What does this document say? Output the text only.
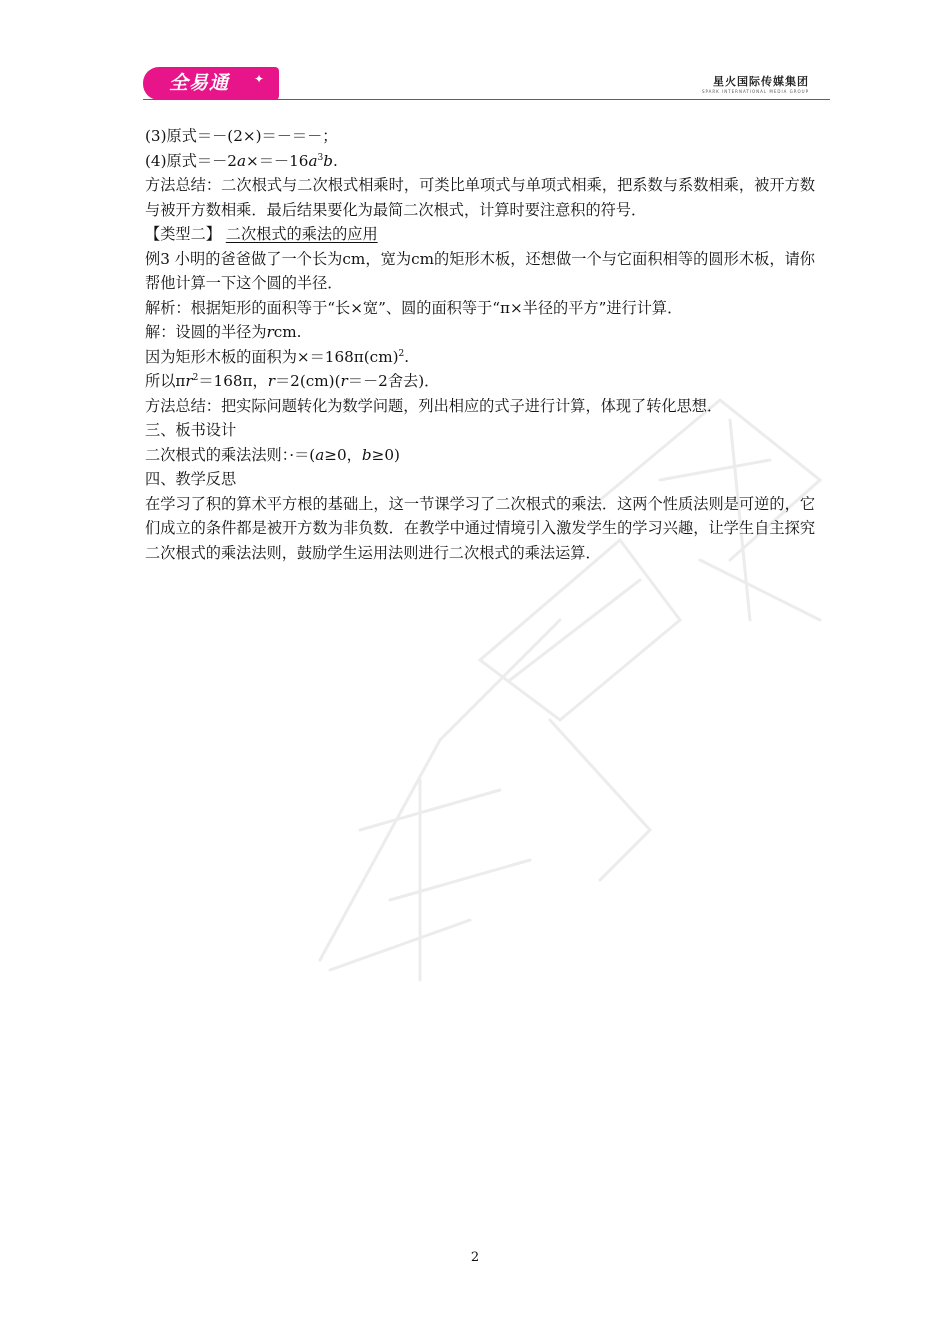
全易通 ✦	星火国际传媒集团
SPARK INTERNATIONAL MEDIA GROUP

(3)原式＝－(2×)＝－＝－；

(4)原式$=-2a\times=-16a^3b$.

方法总结：二次根式与二次根式相乘时，可类比单项式与单项式相乘，把系数与系数相乘，被开方数与被开方数相乘．最后结果要化为最简二次根式，计算时要注意积的符号．

【类型二】 二次根式的乘法的应用

例3 小明的爸爸做了一个长为cm，宽为cm的矩形木板，还想做一个与它面积相等的圆形木板，请你帮他计算一下这个圆的半径．

解析：根据矩形的面积等于“长×宽”、圆的面积等于“π×半径的平方”进行计算．

解：设圆的半径为rcm.

因为矩形木板的面积为×＝168π(cm)$^2$.

所以$\pi r^2=168\pi$，r＝2(cm)(r＝－2舍去)．

方法总结：把实际问题转化为数学问题，列出相应的式子进行计算，体现了转化思想．

三、板书设计

二次根式的乘法法则：·＝(a≥0，b≥0)

四、教学反思

在学习了积的算术平方根的基础上，这一节课学习了二次根式的乘法．这两个性质法则是可逆的，它们成立的条件都是被开方数为非负数．在教学中通过情境引入激发学生的学习兴趣，让学生自主探究二次根式的乘法法则，鼓励学生运用法则进行二次根式的乘法运算．

2
